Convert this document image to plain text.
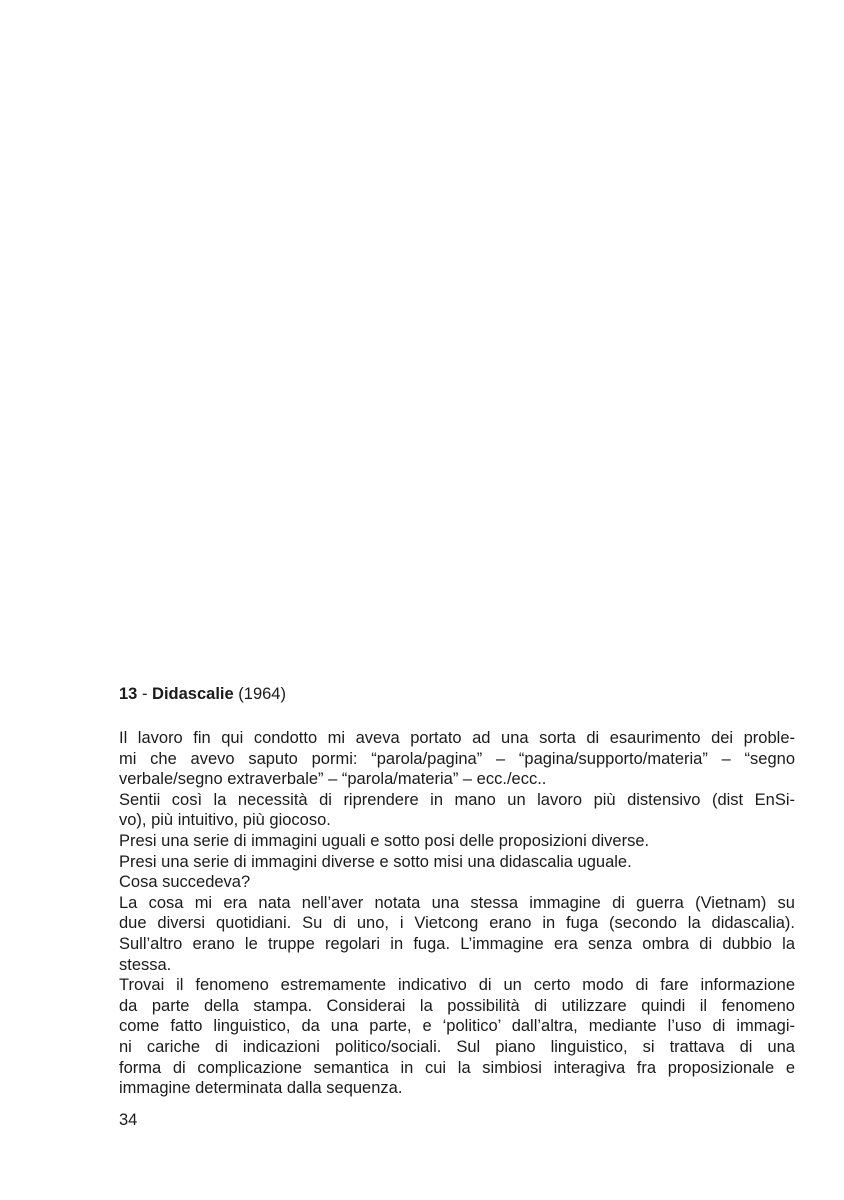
13 - Didascalie (1964)
Il lavoro fin qui condotto mi aveva portato ad una sorta di esaurimento dei proble-
mi che avevo saputo pormi: “parola/pagina” – “pagina/supporto/materia” – “segno
verbale/segno extraverbale” – “parola/materia” – ecc./ecc..
Sentii così la necessità di riprendere in mano un lavoro più distensivo (dist EnSi-
vo), più intuitivo, più giocoso.
Presi una serie di immagini uguali e sotto posi delle proposizioni diverse.
Presi una serie di immagini diverse e sotto misi una didascalia uguale.
Cosa succedeva?
La cosa mi era nata nell’aver notata una stessa immagine di guerra (Vietnam) su
due diversi quotidiani. Su di uno, i Vietcong erano in fuga (secondo la didascalia).
Sull’altro erano le truppe regolari in fuga. L’immagine era senza ombra di dubbio la
stessa.
Trovai il fenomeno estremamente indicativo di un certo modo di fare informazione
da parte della stampa. Considerai la possibilità di utilizzare quindi il fenomeno
come fatto linguistico, da una parte, e ‘politico’ dall’altra, mediante l’uso di immagi-
ni cariche di indicazioni politico/sociali. Sul piano linguistico, si trattava di una
forma di complicazione semantica in cui la simbiosi interagiva fra proposizionale e
immagine determinata dalla sequenza.
34
